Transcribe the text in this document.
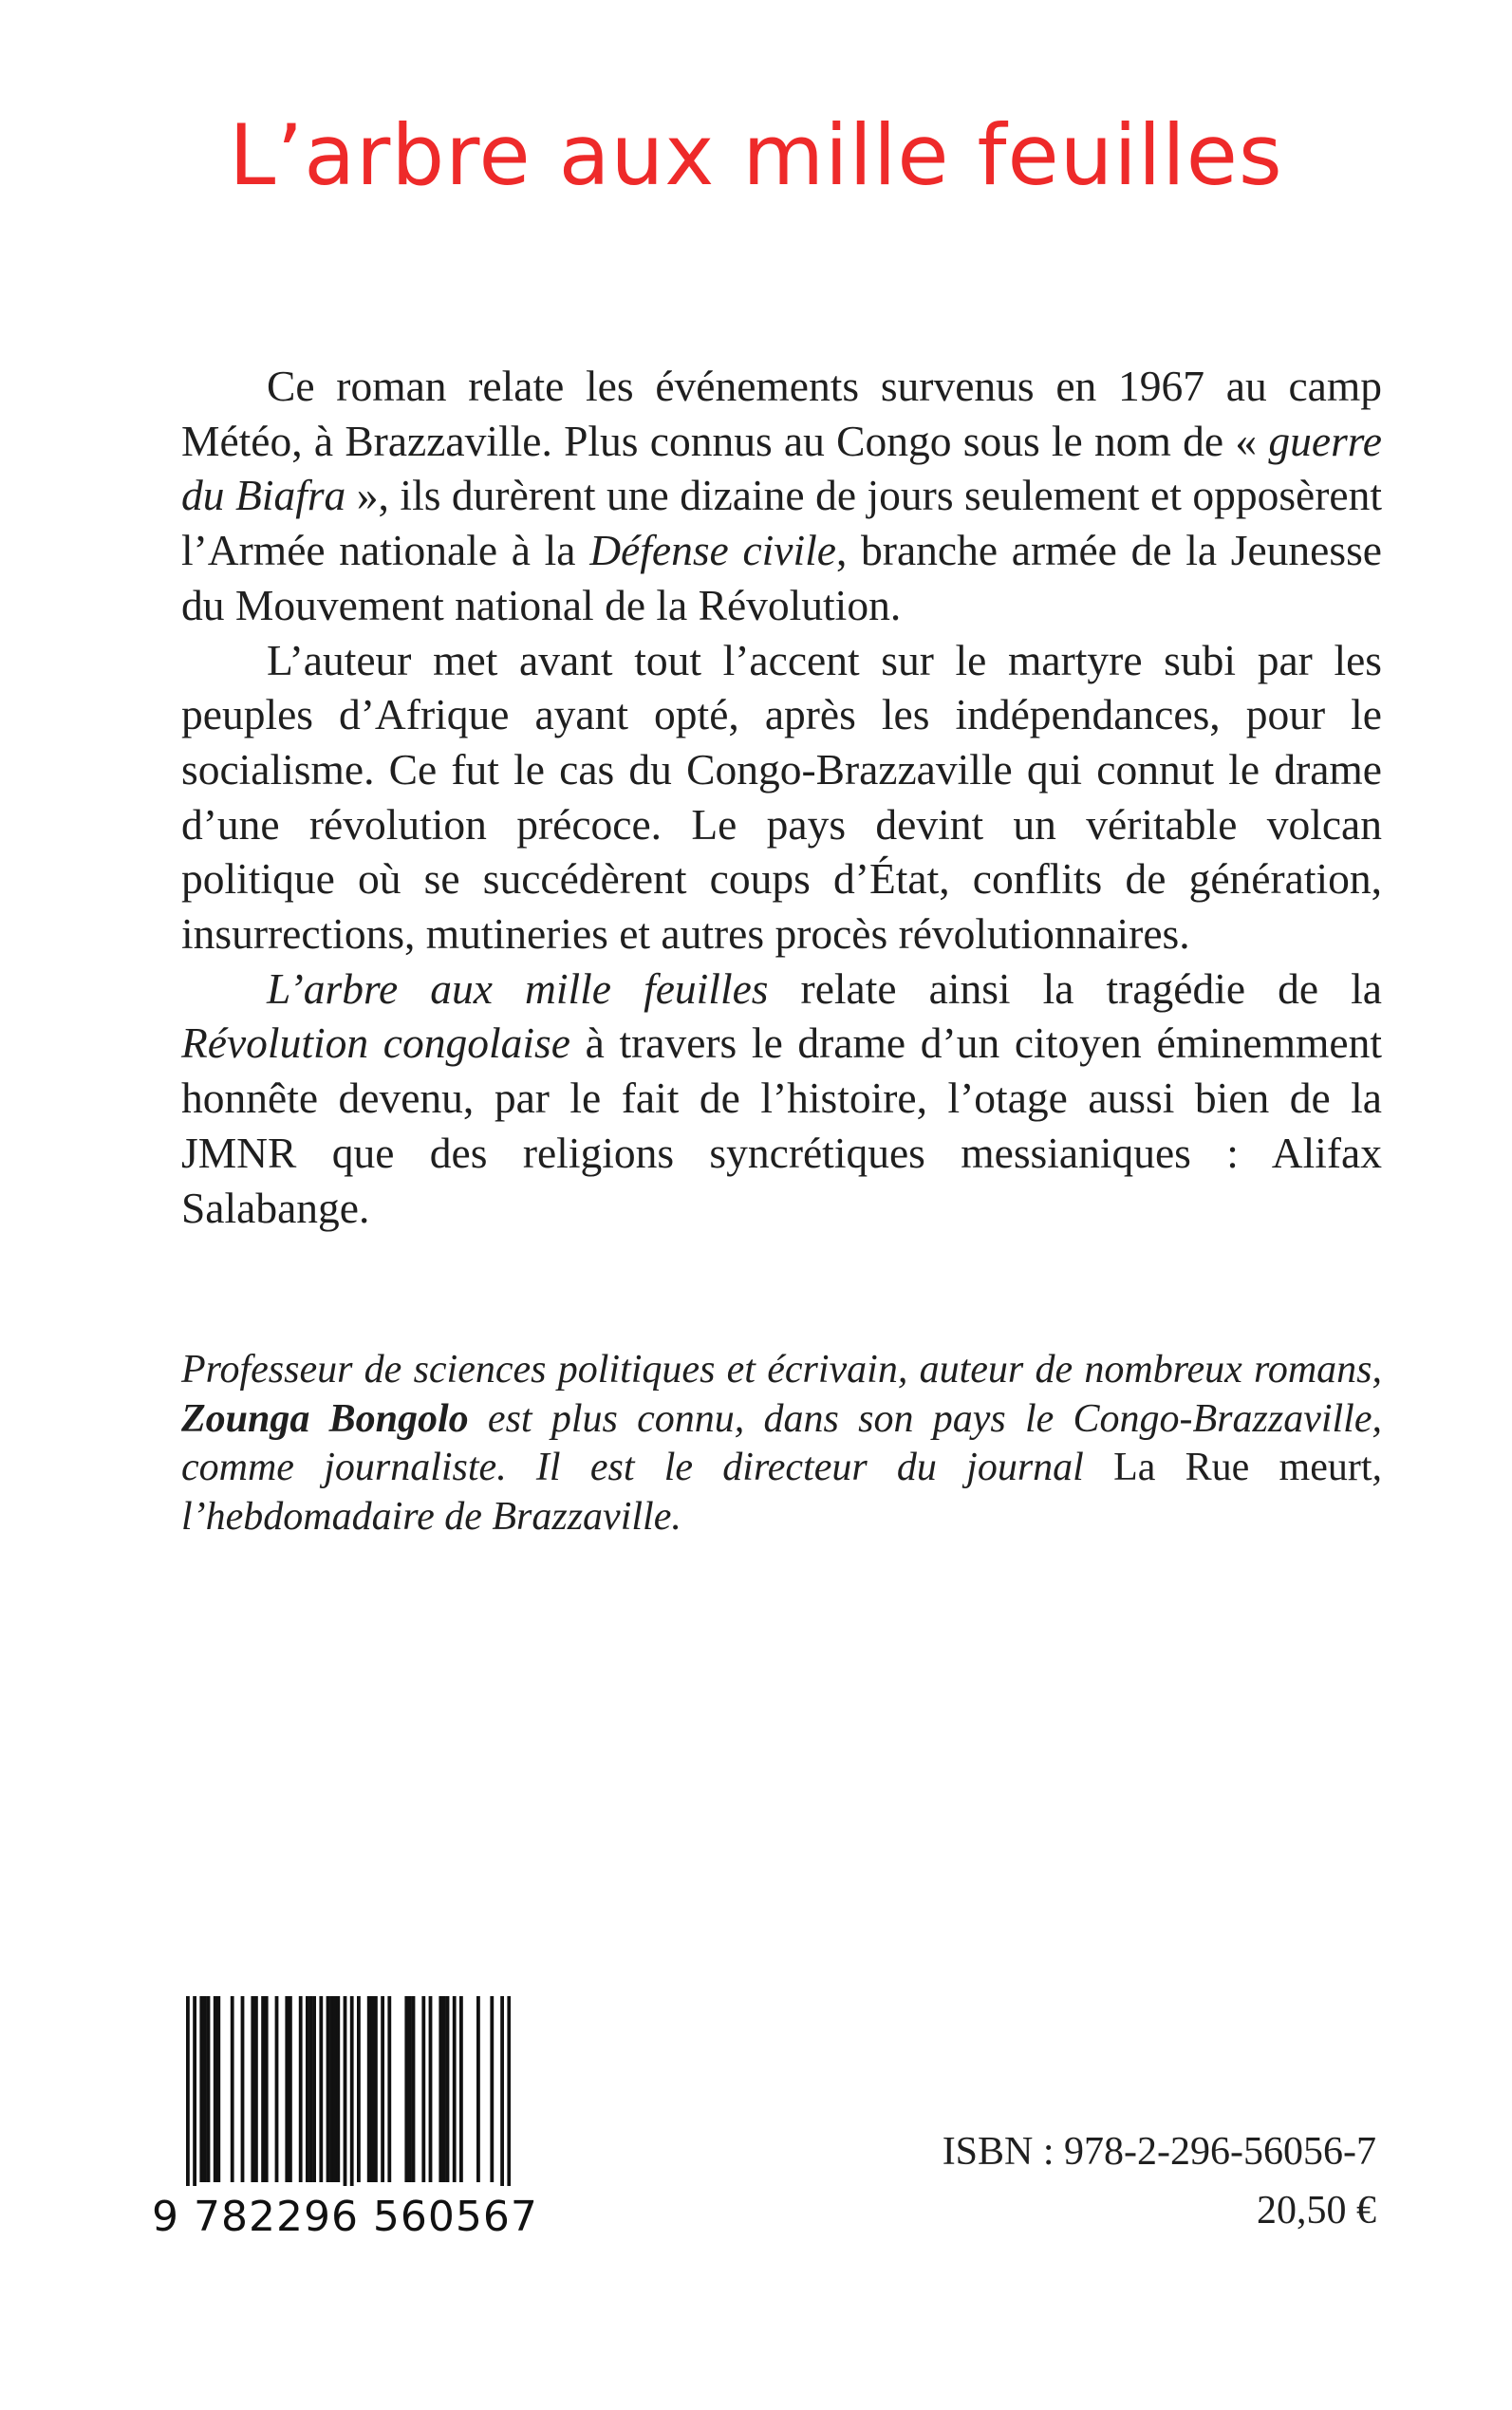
L’arbre aux mille feuilles

Ce roman relate les événements survenus en 1967 au camp Météo, à Brazzaville. Plus connus au Congo sous le nom de « guerre du Biafra », ils durèrent une dizaine de jours seulement et opposèrent l’Armée nationale à la Défense civile, branche armée de la Jeunesse du Mouvement national de la Révolution.

L’auteur met avant tout l’accent sur le martyre subi par les peuples d’Afrique ayant opté, après les indépendances, pour le socialisme. Ce fut le cas du Congo-Brazzaville qui connut le drame d’une révolution précoce. Le pays devint un véritable volcan politique où se succédèrent coups d’État, conflits de génération, insurrections, mutineries et autres procès révolutionnaires.

L’arbre aux mille feuilles relate ainsi la tragédie de la Révolution congolaise à travers le drame d’un citoyen éminemment honnête devenu, par le fait de l’histoire, l’otage aussi bien de la JMNR que des religions syncrétiques messianiques : Alifax Salabange.

Professeur de sciences politiques et écrivain, auteur de nombreux romans, Zounga Bongolo est plus connu, dans son pays le Congo-Brazzaville, comme journaliste. Il est le directeur du journal La Rue meurt, l’hebdomadaire de Brazzaville.

9 782296 560567
ISBN : 978-2-296-56056-7
20,50 €
